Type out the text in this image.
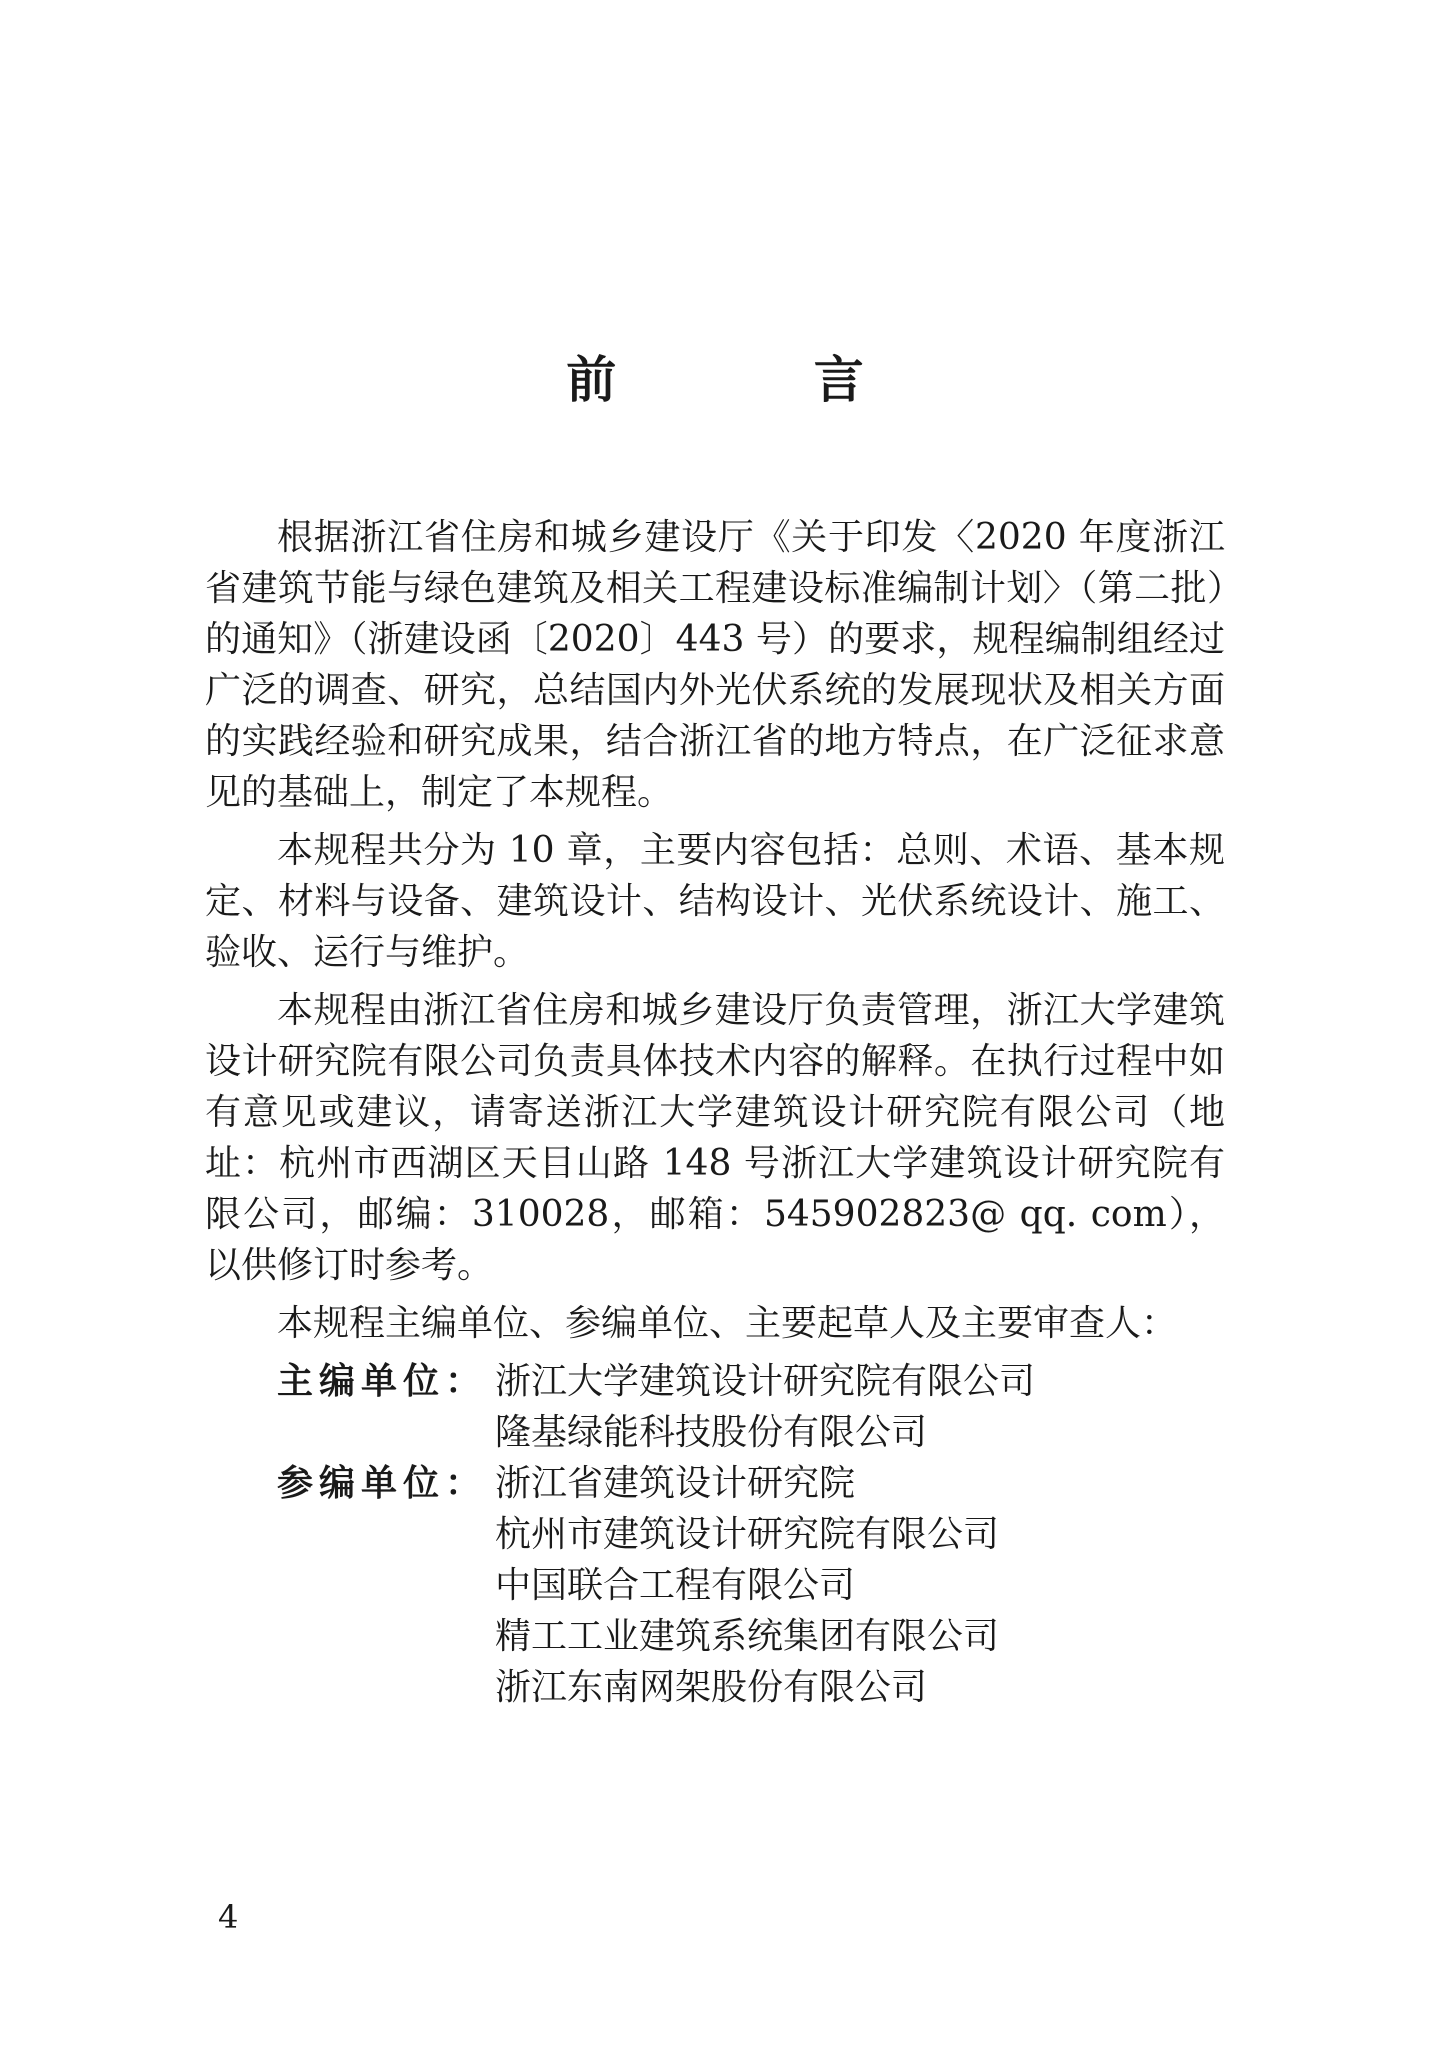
前 言

根据浙江省住房和城乡建设厅《关于印发〈2020 年度浙江省建筑节能与绿色建筑及相关工程建设标准编制计划〉（第二批）的通知》（浙建设函〔2020〕443 号）的要求，规程编制组经过广泛的调查、研究，总结国内外光伏系统的发展现状及相关方面的实践经验和研究成果，结合浙江省的地方特点，在广泛征求意见的基础上，制定了本规程。

本规程共分为 10 章，主要内容包括：总则、术语、基本规定、材料与设备、建筑设计、结构设计、光伏系统设计、施工、验收、运行与维护。

本规程由浙江省住房和城乡建设厅负责管理，浙江大学建筑设计研究院有限公司负责具体技术内容的解释。在执行过程中如有意见或建议，请寄送浙江大学建筑设计研究院有限公司（地址：杭州市西湖区天目山路 148 号浙江大学建筑设计研究院有限公司，邮编：310028，邮箱：545902823@ qq. com），以供修订时参考。

本规程主编单位、参编单位、主要起草人及主要审查人：

主编单位： 浙江大学建筑设计研究院有限公司
隆基绿能科技股份有限公司
参编单位： 浙江省建筑设计研究院
杭州市建筑设计研究院有限公司
中国联合工程有限公司
精工工业建筑系统集团有限公司
浙江东南网架股份有限公司
4
